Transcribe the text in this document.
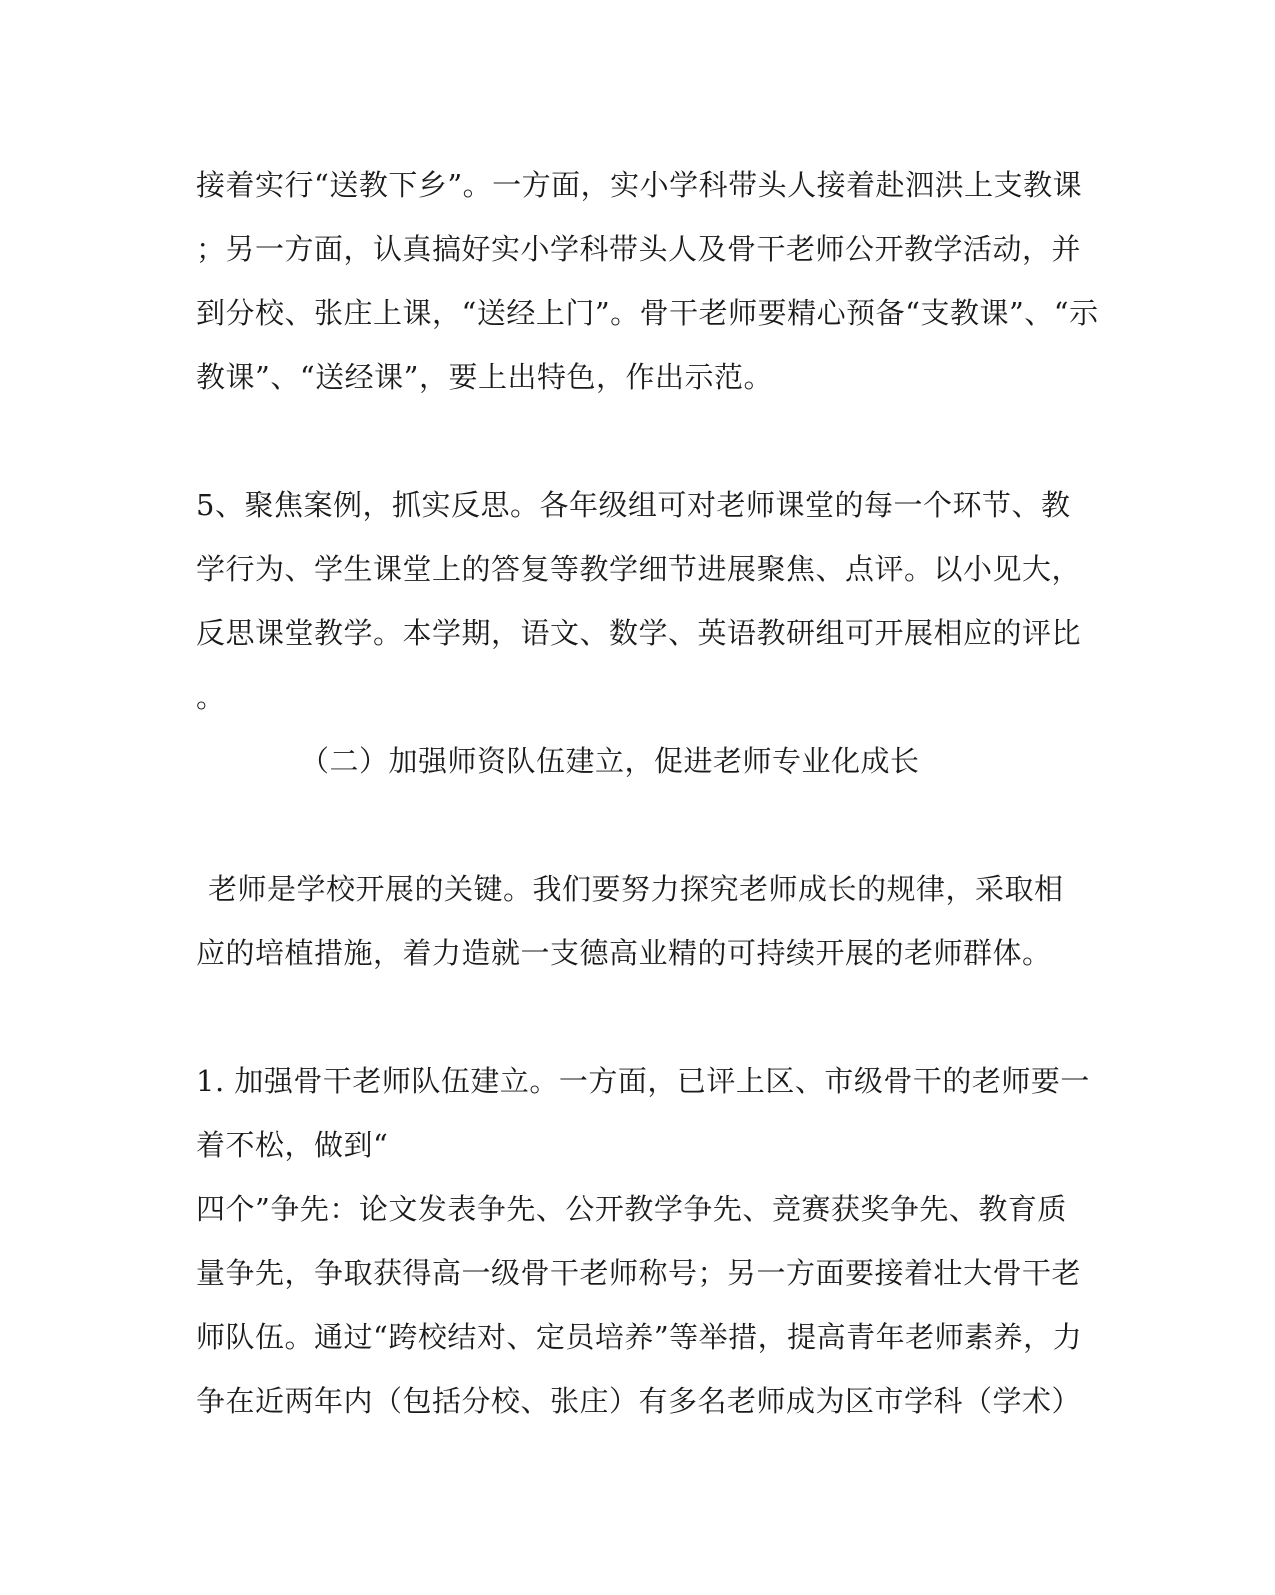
接着实行“送教下乡”。一方面，实小学科带头人接着赴泗洪上支教课
；另一方面，认真搞好实小学科带头人及骨干老师公开教学活动，并
到分校、张庄上课，“送经上门”。骨干老师要精心预备“支教课”、“示
教课”、“送经课”，要上出特色，作出示范。
5、聚焦案例，抓实反思。各年级组可对老师课堂的每一个环节、教
学行为、学生课堂上的答复等教学细节进展聚焦、点评。以小见大，
反思课堂教学。本学期，语文、数学、英语教研组可开展相应的评比
。
（二）加强师资队伍建立，促进老师专业化成长
老师是学校开展的关键。我们要努力探究老师成长的规律，采取相
应的培植措施，着力造就一支德高业精的可持续开展的老师群体。
1. 加强骨干老师队伍建立。一方面，已评上区、市级骨干的老师要一
着不松，做到“
四个”争先：论文发表争先、公开教学争先、竞赛获奖争先、教育质
量争先，争取获得高一级骨干老师称号；另一方面要接着壮大骨干老
师队伍。通过“跨校结对、定员培养”等举措，提高青年老师素养，力
争在近两年内（包括分校、张庄）有多名老师成为区市学科（学术）
